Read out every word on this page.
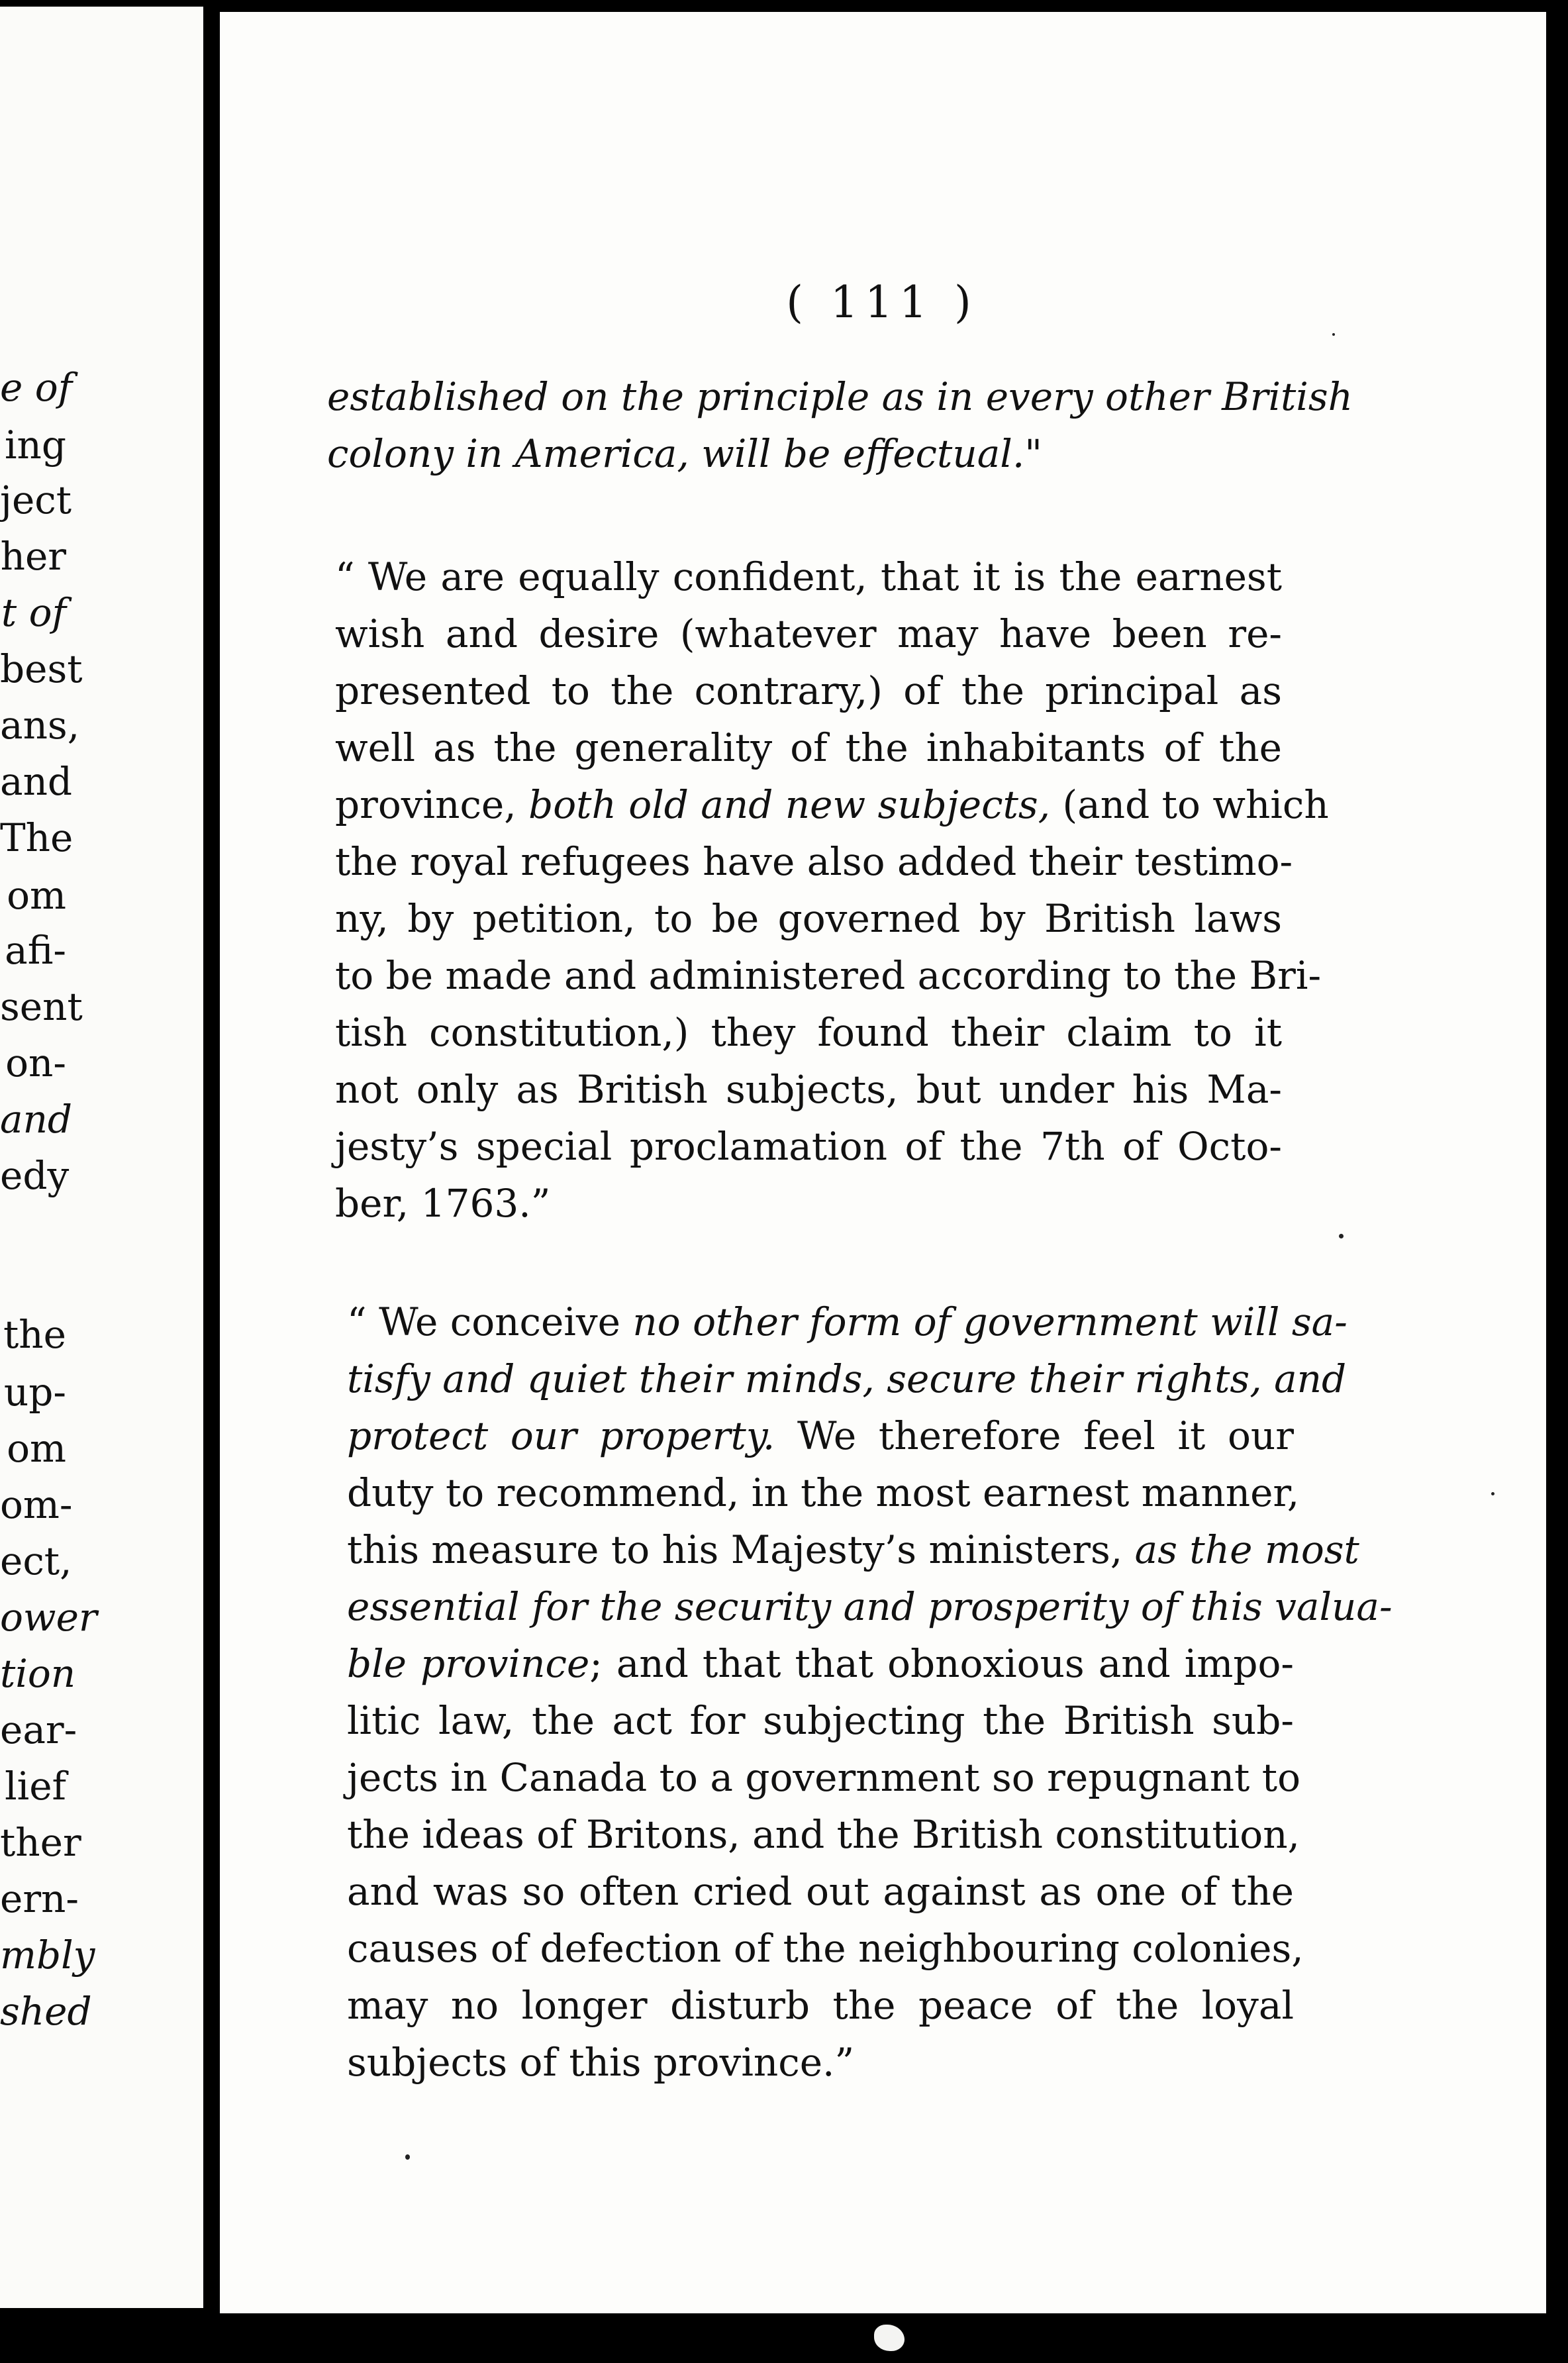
e of
ing
ject
her
t of
best
ans,
and
The
om
afi-
sent
on-
and
edy
the
up-
om
om-
ect,
ower
tion
ear-
lief
ther
ern-
mbly
shed
( 111 )
established on the principle as in every other British
colony in America, will be effectual."
“ We are equally confident, that it is the earnest
wish and desire (whatever may have been re-
presented to the contrary,) of the principal as
well as the generality of the inhabitants of the
province, both old and new subjects, (and to which
the royal refugees have also added their testimo-
ny, by petition, to be governed by British laws
to be made and administered according to the Bri-
tish constitution,) they found their claim to it
not only as British subjects, but under his Ma-
jesty’s special proclamation of the 7th of Octo-
ber, 1763.”
“ We conceive no other form of government will sa-
tisfy and quiet their minds, secure their rights, and
protect our property. We therefore feel it our
duty to recommend, in the most earnest manner,
this measure to his Majesty’s ministers, as the most
essential for the security and prosperity of this valua-
ble province; and that that obnoxious and impo-
litic law, the act for subjecting the British sub-
jects in Canada to a government so repugnant to
the ideas of Britons, and the British constitution,
and was so often cried out against as one of the
causes of defection of the neighbouring colonies,
may no longer disturb the peace of the loyal
subjects of this province.”
